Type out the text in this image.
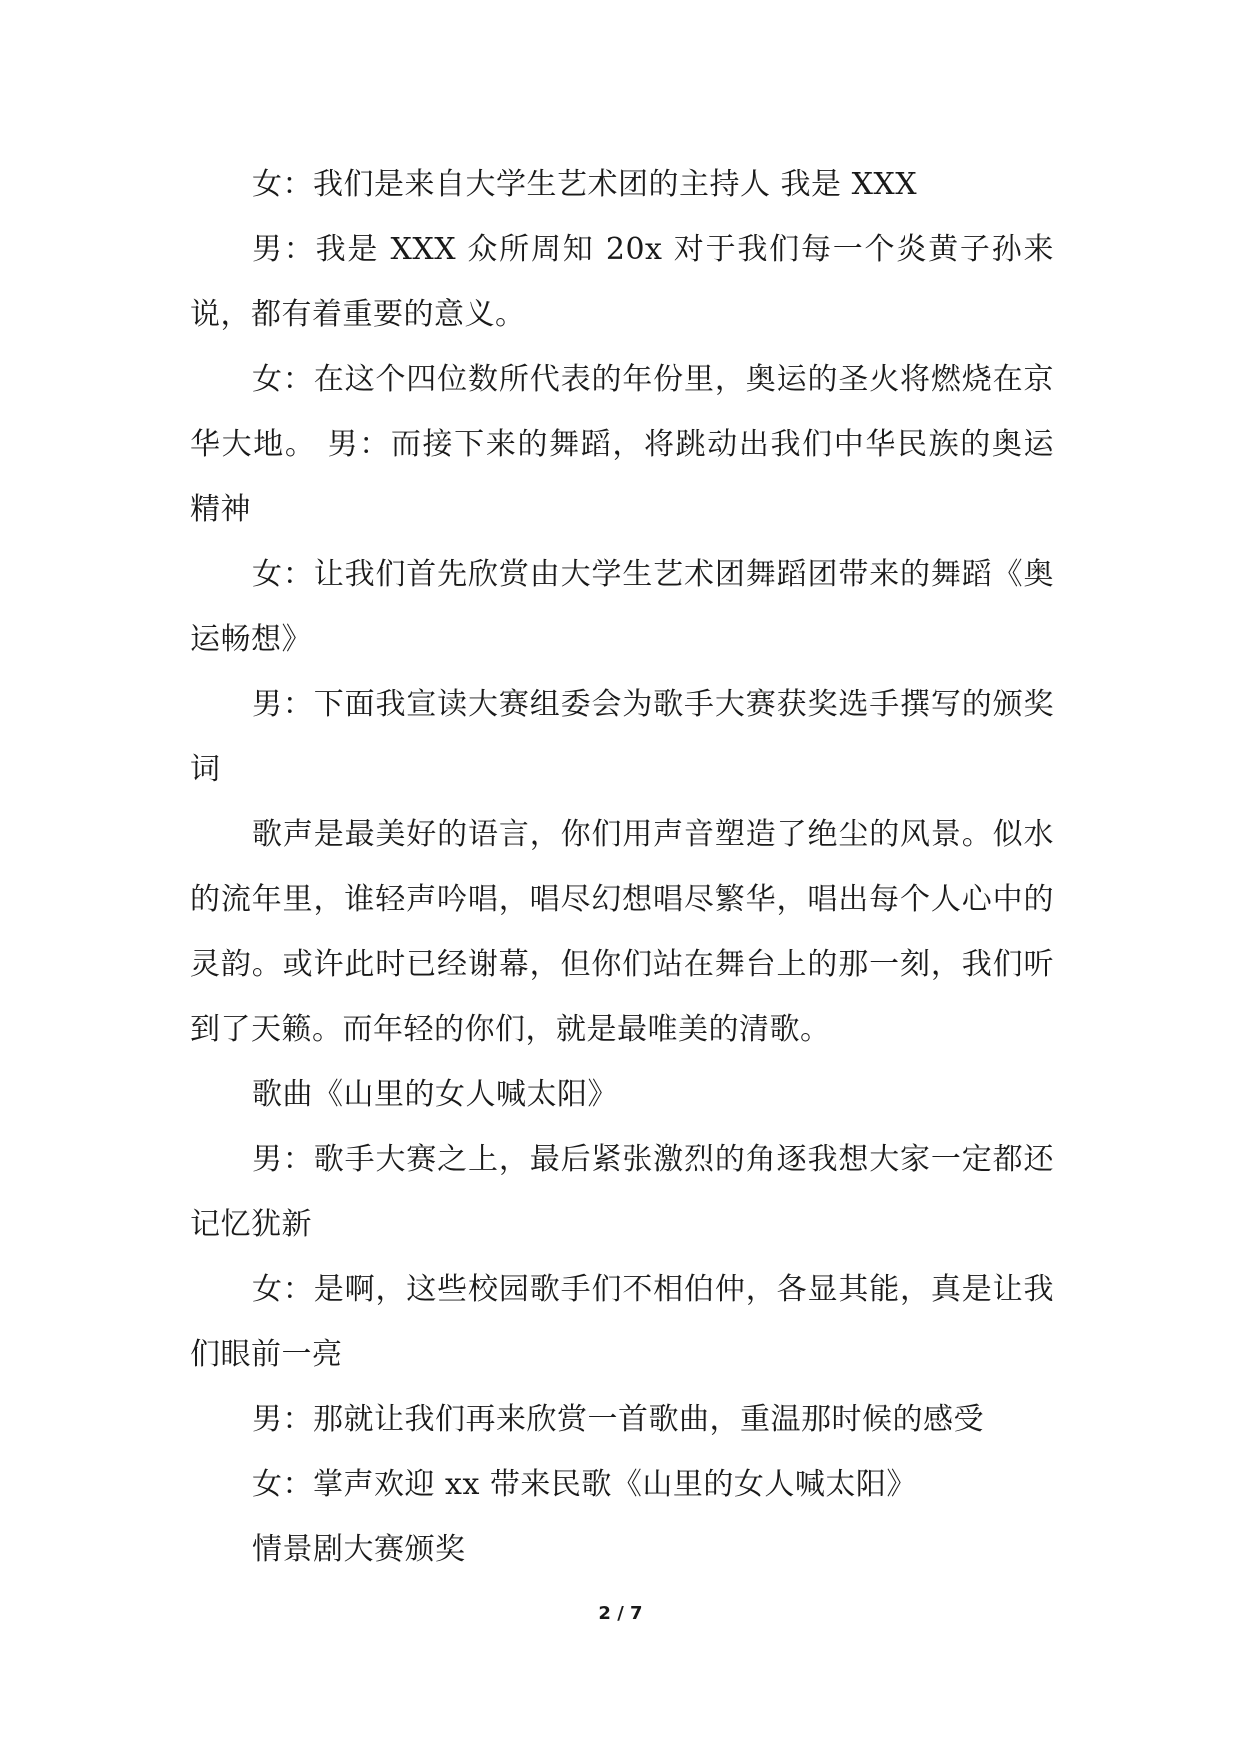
女：我们是来自大学生艺术团的主持人 我是 XXX

男：我是 XXX 众所周知 20x 对于我们每一个炎黄子孙来说，都有着重要的意义。

女：在这个四位数所代表的年份里，奥运的圣火将燃烧在京华大地。 男：而接下来的舞蹈，将跳动出我们中华民族的奥运精神

女：让我们首先欣赏由大学生艺术团舞蹈团带来的舞蹈《奥运畅想》

男：下面我宣读大赛组委会为歌手大赛获奖选手撰写的颁奖词

歌声是最美好的语言，你们用声音塑造了绝尘的风景。似水的流年里，谁轻声吟唱，唱尽幻想唱尽繁华，唱出每个人心中的灵韵。或许此时已经谢幕，但你们站在舞台上的那一刻，我们听到了天籁。而年轻的你们，就是最唯美的清歌。

歌曲《山里的女人喊太阳》

男：歌手大赛之上，最后紧张激烈的角逐我想大家一定都还记忆犹新

女：是啊，这些校园歌手们不相伯仲，各显其能，真是让我们眼前一亮

男：那就让我们再来欣赏一首歌曲，重温那时候的感受

女：掌声欢迎 xx 带来民歌《山里的女人喊太阳》

情景剧大赛颁奖

2 / 7
